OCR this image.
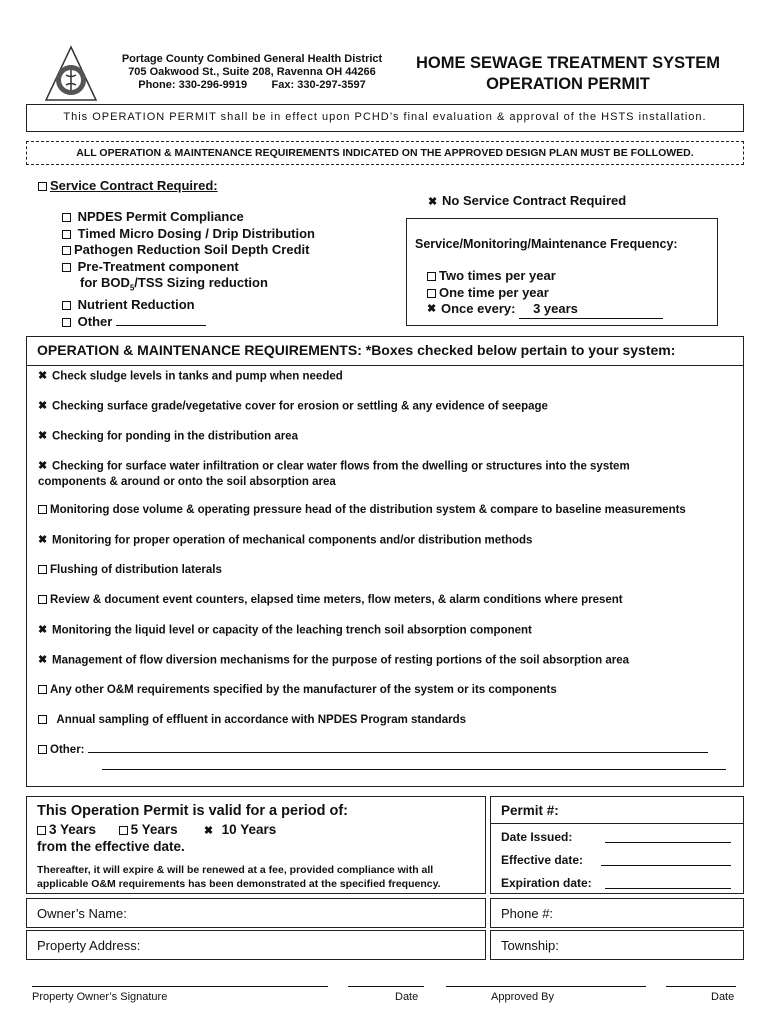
Portage County Combined General Health District
705 Oakwood St., Suite 208, Ravenna OH 44266
Phone: 330-296-9919 Fax: 330-297-3597
HOME SEWAGE TREATMENT SYSTEM
OPERATION PERMIT
This OPERATION PERMIT shall be in effect upon PCHD’s final evaluation & approval of the HSTS installation.
ALL OPERATION & MAINTENANCE REQUIREMENTS INDICATED ON THE APPROVED DESIGN PLAN MUST BE FOLLOWED.
Service Contract Required:
✖ No Service Contract Required
NPDES Permit Compliance
Timed Micro Dosing / Drip Distribution
Pathogen Reduction Soil Depth Credit
Pre-Treatment component
for $BOD_5$/TSS Sizing reduction
Nutrient Reduction
Other
Service/Monitoring/Maintenance Frequency:
Two times per year
One time per year
✖ Once every: 3 years
OPERATION & MAINTENANCE REQUIREMENTS: *Boxes checked below pertain to your system:
✖ Check sludge levels in tanks and pump when needed
✖ Checking surface grade/vegetative cover for erosion or settling & any evidence of seepage
✖ Checking for ponding in the distribution area
✖ Checking for surface water infiltration or clear water flows from the dwelling or structures into the system
components & around or onto the soil absorption area
Monitoring dose volume & operating pressure head of the distribution system & compare to baseline measurements
✖ Monitoring for proper operation of mechanical components and/or distribution methods
Flushing of distribution laterals
Review & document event counters, elapsed time meters, flow meters, & alarm conditions where present
✖ Monitoring the liquid level or capacity of the leaching trench soil absorption component
✖ Management of flow diversion mechanisms for the purpose of resting portions of the soil absorption area
Any other O&M requirements specified by the manufacturer of the system or its components
Annual sampling of effluent in accordance with NPDES Program standards
Other:
This Operation Permit is valid for a period of:
3 Years	5 Years ✖ 10 Years
from the effective date.
Thereafter, it will expire & will be renewed at a fee, provided compliance with all
applicable O&M requirements has been demonstrated at the specified frequency.
Permit #:
Date Issued:
Effective date:
Expiration date:
Owner’s Name:	Phone #:
Property Address:	Township:
Property Owner’s Signature	Date	Approved By	Date
